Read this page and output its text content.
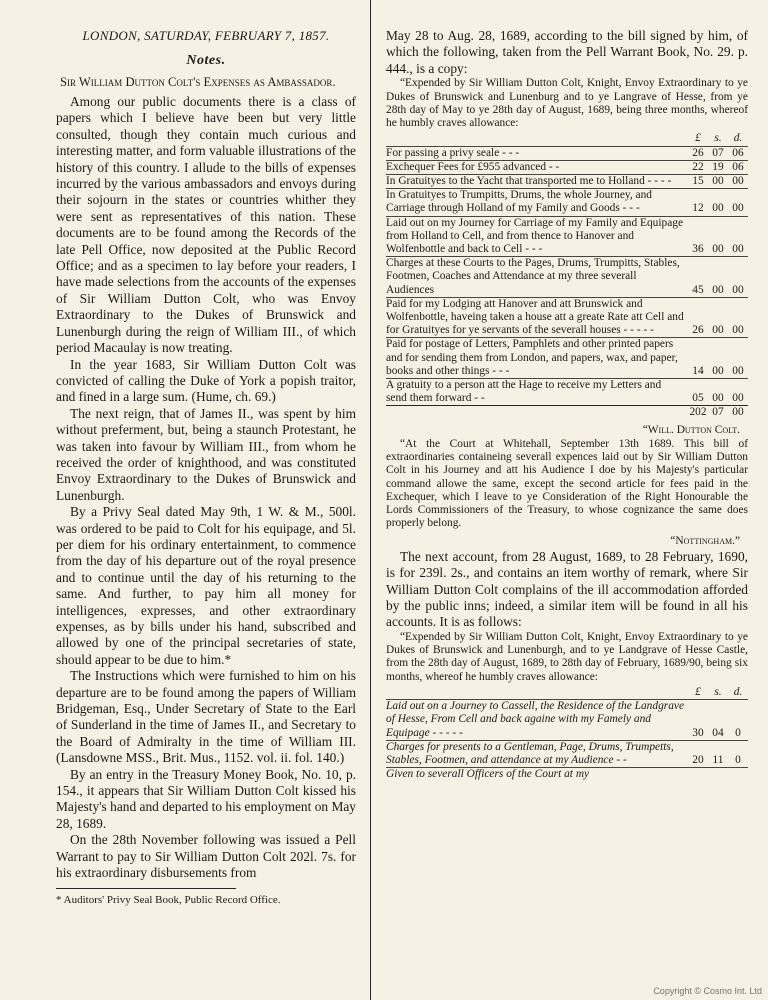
LONDON, SATURDAY, FEBRUARY 7, 1857.
Notes.
Sir William Dutton Colt's Expenses as Ambassador.

Among our public documents there is a class of papers which I believe have been but very little consulted, though they contain much curious and interesting matter, and form valuable illustrations of the history of this country. I allude to the bills of expenses incurred by the various ambassadors and envoys during their sojourn in the states or countries whither they were sent as representatives of this nation. These documents are to be found among the Records of the late Pell Office, now deposited at the Public Record Office; and as a specimen to lay before your readers, I have made selections from the accounts of the expenses of Sir William Dutton Colt, who was Envoy Extraordinary to the Dukes of Brunswick and Lunenburgh during the reign of William III., of which period Macaulay is now treating.

In the year 1683, Sir William Dutton Colt was convicted of calling the Duke of York a popish traitor, and fined in a large sum. (Hume, ch. 69.)

The next reign, that of James II., was spent by him without preferment, but, being a staunch Protestant, he was taken into favour by William III., from whom he received the order of knighthood, and was constituted Envoy Extraordinary to the Dukes of Brunswick and Lunenburgh.

By a Privy Seal dated May 9th, 1 W. & M., 500l. was ordered to be paid to Colt for his equipage, and 5l. per diem for his ordinary entertainment, to commence from the day of his departure out of the royal presence and to continue until the day of his returning to the same. And further, to pay him all money for intelligences, expresses, and other extraordinary expenses, as by bills under his hand, subscribed and allowed by one of the principal secretaries of state, should appear to be due to him.*

The Instructions which were furnished to him on his departure are to be found among the papers of William Bridgeman, Esq., Under Secretary of State to the Earl of Sunderland in the time of James II., and Secretary to the Board of Admiralty in the time of William III. (Lansdowne MSS., Brit. Mus., 1152. vol. ii. fol. 140.)

By an entry in the Treasury Money Book, No. 10, p. 154., it appears that Sir William Dutton Colt kissed his Majesty's hand and departed to his employment on May 28, 1689.

On the 28th November following was issued a Pell Warrant to pay to Sir William Dutton Colt 202l. 7s. for his extraordinary disbursements from

* Auditors' Privy Seal Book, Public Record Office.

May 28 to Aug. 28, 1689, according to the bill signed by him, of which the following, taken from the Pell Warrant Book, No. 29. p. 444., is a copy:

“Expended by Sir William Dutton Colt, Knight, Envoy Extraordinary to ye Dukes of Brunswick and Lunenburg and to ye Langrave of Hesse, from ye 28th day of May to ye 28th day of August, 1689, being three months, whereof he humbly craves allowance:
	£	s.	d.
For passing a privy seale - - -	26	07	06
Exchequer Fees for £955 advanced - -	22	19	06
In Gratuityes to the Yacht that transported me to Holland - - - -	15	00	00
In Gratuityes to Trumpitts, Drums, the whole Journey, and Carriage through Holland of my Family and Goods - - -	12	00	00
Laid out on my Journey for Carriage of my Family and Equipage from Holland to Cell, and from thence to Hanover and Wolfenbottle and back to Cell - - -	36	00	00
Charges at these Courts to the Pages, Drums, Trumpitts, Stables, Footmen, Coaches and Attendance at my three severall Audiences	45	00	00
Paid for my Lodging att Hanover and att Brunswick and Wolfenbottle, haveing taken a house att a greate Rate att Cell and for Gratuityes for ye servants of the severall houses - - - - -	26	00	00
Paid for postage of Letters, Pamphlets and other printed papers and for sending them from London, and papers, wax, and paper, books and other things - - -	14	00	00
A gratuity to a person att the Hage to receive my Letters and send them forward - -	05	00	00
	202	07	00
“Will. Dutton Colt.
“At the Court at Whitehall, September 13th 1689. This bill of extraordinaries containeing severall expences laid out by Sir William Dutton Colt in his Journey and att his Audience I doe by his Majesty's particular command allowe the same, except the second article for fees paid in the Exchequer, which I leave to ye Consideration of the Right Honourable the Lords Commissioners of the Treasury, to whose cognizance the same does properly belong.
“Nottingham.”

The next account, from 28 August, 1689, to 28 February, 1690, is for 239l. 2s., and contains an item worthy of remark, where Sir William Dutton Colt complains of the ill accommodation afforded by the public inns; indeed, a similar item will be found in all his accounts. It is as follows:

“Expended by Sir William Dutton Colt, Knight, Envoy Extraordinary to ye Dukes of Brunswick and Lunenburgh, and to ye Landgrave of Hesse Castle, from the 28th day of August, 1689, to 28th day of February, 1689/90, being six months, whereof he humbly craves allowance:
	£	s.	d.
Laid out on a Journey to Cassell, the Residence of the Landgrave of Hesse, From Cell and back againe with my Famely and Equipage - - - - -	30	04	0
Charges for presents to a Gentleman, Page, Drums, Trumpetts, Stables, Footmen, and attendance at my Audience - -	20	11	0
Given to severall Officers of the Court at my			
Copyright © Cosmo Int. Ltd
